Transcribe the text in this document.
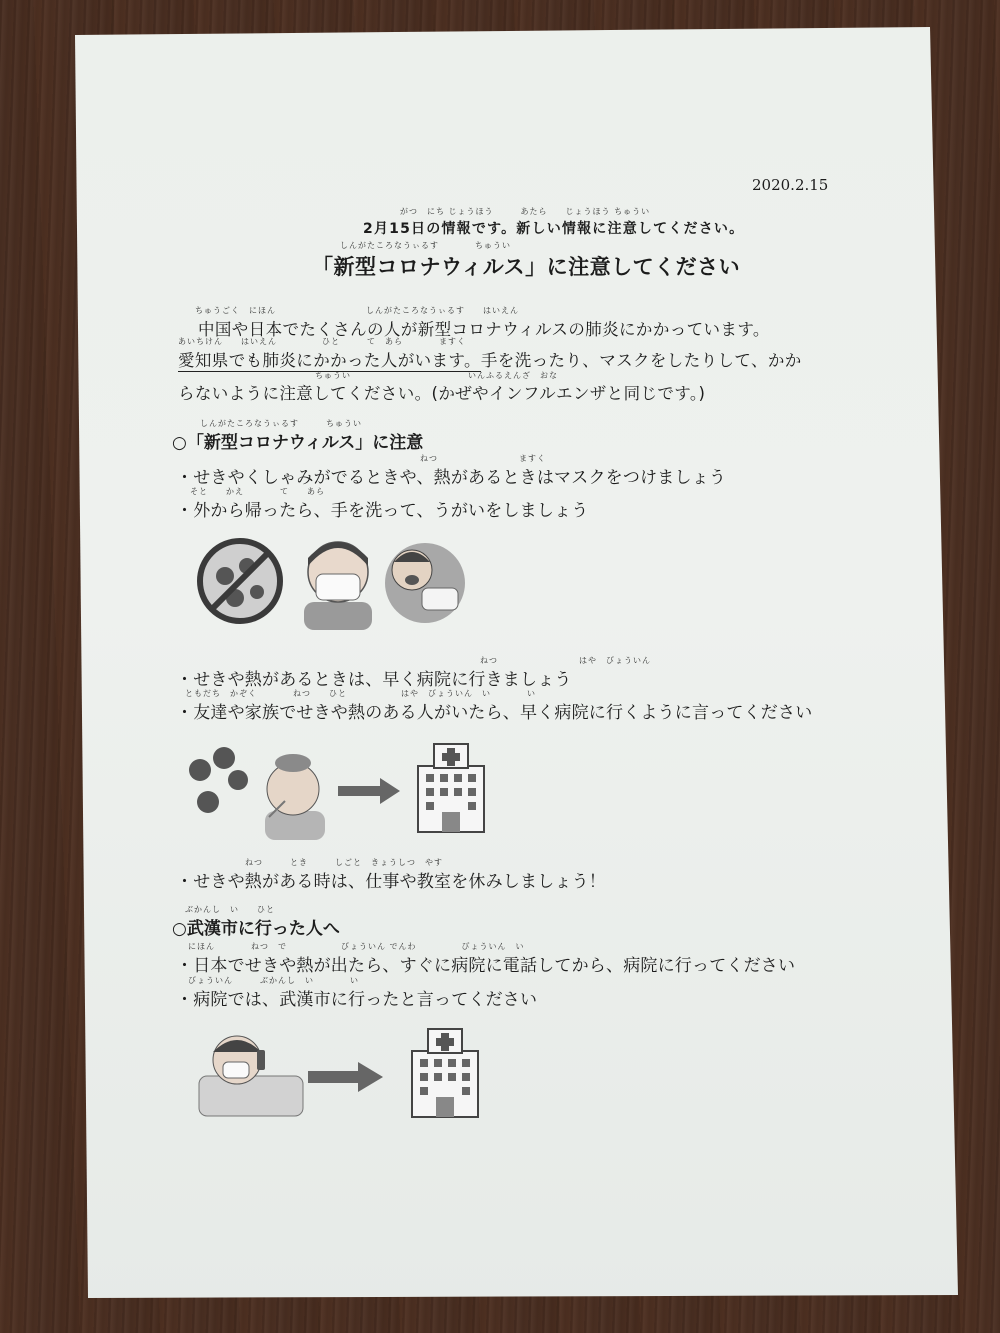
2020.2.15
がつ　にち じょうほう　　　あたら　　じょうほう ちゅうい
2月15日の情報です。新しい情報に注意してください。
しんがたころなうぃるす　　　　ちゅうい
「新型コロナウィルス」に注意してください
ちゅうごく　にほん　　　　　　　　　　しんがたころなうぃるす　　はいえん
中国や日本でたくさんの人が新型コロナウィルスの肺炎にかかっています。
あいちけん　　はいえん　　　　　ひと　　　て　あら　　　　ますく
愛知県でも肺炎にかかった人がいます。手を洗ったり、マスクをしたりして、かか
ちゅうい　　　　　　　　　　　　　いんふるえんざ　おな
らないように注意してください。(かぜやインフルエンザと同じです。)
しんがたころなうぃるす　　　ちゅうい
○「新型コロナウィルス」に注意
ねつ　　　　　　　　　ますく
・せきやくしゃみがでるときや、熱があるときはマスクをつけましょう
そと　　かえ　　　　て　　あら
・外から帰ったら、手を洗って、うがいをしましょう
ねつ　　　　　　　　　はや　びょういん
・せきや熱があるときは、早く病院に行きましょう
ともだち　かぞく　　　　ねつ　　ひと　　　　　　はや　びょういん　い　　　　い
・友達や家族でせきや熱のある人がいたら、早く病院に行くように言ってください
ねつ　　　とき　　　しごと　きょうしつ　やす
・せきや熱がある時は、仕事や教室を休みしましょう！
ぶかんし　い　　ひと
○武漢市に行った人へ
にほん　　　　ねつ　で　　　　　　びょういん でんわ　　　　　びょういん　い
・日本でせきや熱が出たら、すぐに病院に電話してから、病院に行ってください
びょういん　　　ぶかんし　い　　　　い
・病院では、武漢市に行ったと言ってください
